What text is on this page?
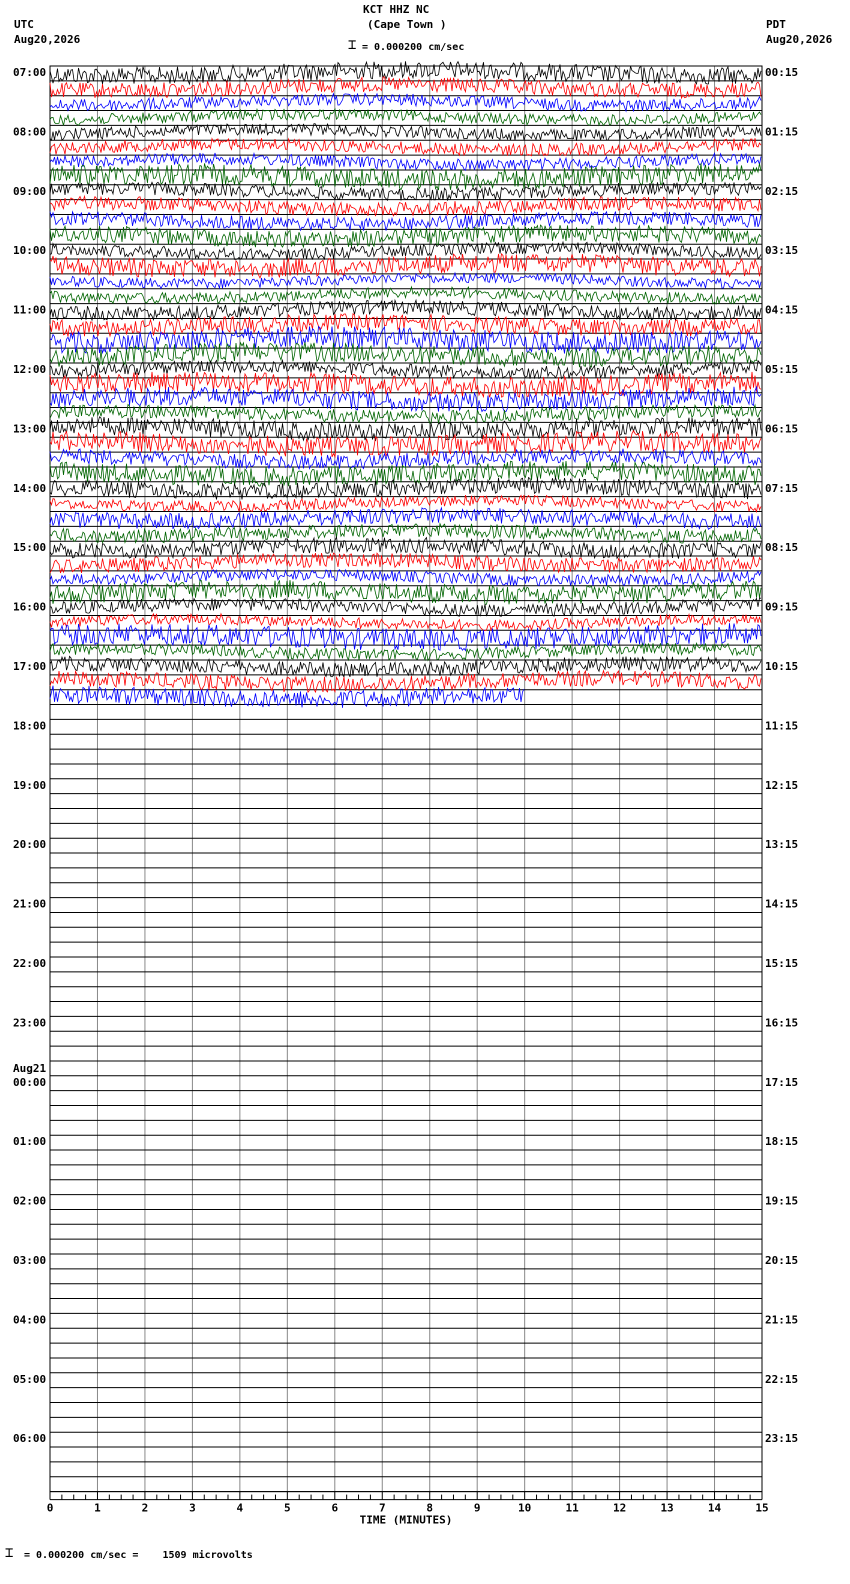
KCT HHZ NC
(Cape Town )
⌶ = 0.000200 cm/sec
UTC
Aug20,2026
PDT
Aug20,2026
07:00
08:00
09:00
10:00
11:00
12:00
13:00
14:00
15:00
16:00
17:00
18:00
19:00
20:00
21:00
22:00
23:00
00:00
01:00
02:00
03:00
04:00
05:00
06:00
Aug21
00:15
01:15
02:15
03:15
04:15
05:15
06:15
07:15
08:15
09:15
10:15
11:15
12:15
13:15
14:15
15:15
16:15
17:15
18:15
19:15
20:15
21:15
22:15
23:15
0	1	2	3	4	5	6	7	8	9	10	11	12	13	14	15
TIME (MINUTES)
⌶ = 0.000200 cm/sec =    1509 microvolts
